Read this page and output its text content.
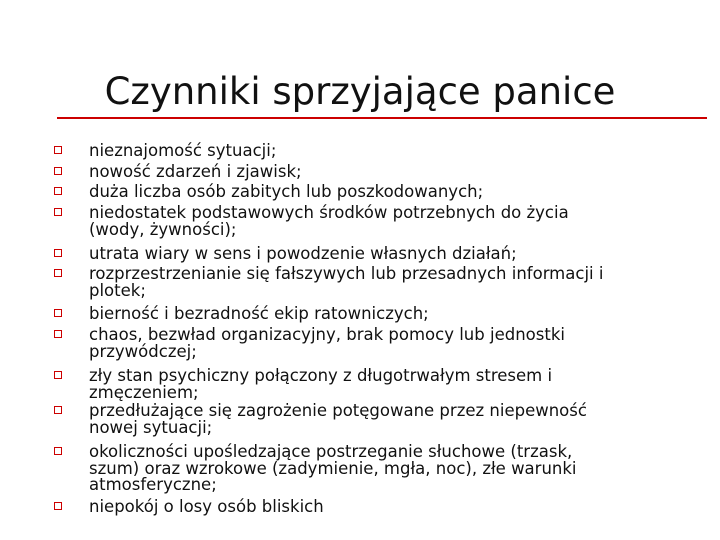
Czynniki sprzyjające panice
nieznajomość sytuacji;
nowość zdarzeń i zjawisk;
duża liczba osób zabitych lub poszkodowanych;
niedostatek podstawowych środków potrzebnych do życia
(wody, żywności);
utrata wiary w sens i powodzenie własnych działań;
rozprzestrzenianie się fałszywych lub przesadnych informacji i
plotek;
bierność i bezradność ekip ratowniczych;
chaos, bezwład organizacyjny, brak pomocy lub jednostki
przywódczej;
zły stan psychiczny połączony z długotrwałym stresem i
zmęczeniem;
przedłużające się zagrożenie potęgowane przez niepewność
nowej sytuacji;
okoliczności upośledzające postrzeganie słuchowe (trzask,
szum) oraz wzrokowe (zadymienie, mgła, noc), złe warunki
atmosferyczne;
niepokój o losy osób bliskich
